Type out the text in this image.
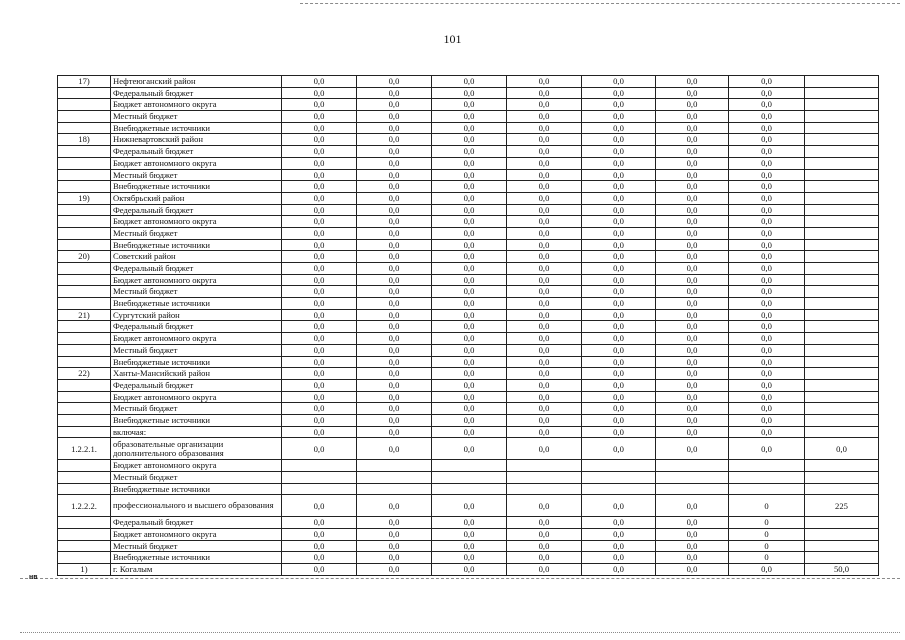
101
17)	Нефтеюганский район	0,0	0,0	0,0	0,0	0,0	0,0	0,0	
	Федеральный бюджет	0,0	0,0	0,0	0,0	0,0	0,0	0,0	
	Бюджет автономного округа	0,0	0,0	0,0	0,0	0,0	0,0	0,0	
	Местный бюджет	0,0	0,0	0,0	0,0	0,0	0,0	0,0	
	Внебюджетные источники	0,0	0,0	0,0	0,0	0,0	0,0	0,0	
18)	Нижневартовский район	0,0	0,0	0,0	0,0	0,0	0,0	0,0	
	Федеральный бюджет	0,0	0,0	0,0	0,0	0,0	0,0	0,0	
	Бюджет автономного округа	0,0	0,0	0,0	0,0	0,0	0,0	0,0	
	Местный бюджет	0,0	0,0	0,0	0,0	0,0	0,0	0,0	
	Внебюджетные источники	0,0	0,0	0,0	0,0	0,0	0,0	0,0	
19)	Октябрьский район	0,0	0,0	0,0	0,0	0,0	0,0	0,0	
	Федеральный бюджет	0,0	0,0	0,0	0,0	0,0	0,0	0,0	
	Бюджет автономного округа	0,0	0,0	0,0	0,0	0,0	0,0	0,0	
	Местный бюджет	0,0	0,0	0,0	0,0	0,0	0,0	0,0	
	Внебюджетные источники	0,0	0,0	0,0	0,0	0,0	0,0	0,0	
20)	Советский район	0,0	0,0	0,0	0,0	0,0	0,0	0,0	
	Федеральный бюджет	0,0	0,0	0,0	0,0	0,0	0,0	0,0	
	Бюджет автономного округа	0,0	0,0	0,0	0,0	0,0	0,0	0,0	
	Местный бюджет	0,0	0,0	0,0	0,0	0,0	0,0	0,0	
	Внебюджетные источники	0,0	0,0	0,0	0,0	0,0	0,0	0,0	
21)	Сургутский район	0,0	0,0	0,0	0,0	0,0	0,0	0,0	
	Федеральный бюджет	0,0	0,0	0,0	0,0	0,0	0,0	0,0	
	Бюджет автономного округа	0,0	0,0	0,0	0,0	0,0	0,0	0,0	
	Местный бюджет	0,0	0,0	0,0	0,0	0,0	0,0	0,0	
	Внебюджетные источники	0,0	0,0	0,0	0,0	0,0	0,0	0,0	
22)	Ханты-Мансийский район	0,0	0,0	0,0	0,0	0,0	0,0	0,0	
	Федеральный бюджет	0,0	0,0	0,0	0,0	0,0	0,0	0,0	
	Бюджет автономного округа	0,0	0,0	0,0	0,0	0,0	0,0	0,0	
	Местный бюджет	0,0	0,0	0,0	0,0	0,0	0,0	0,0	
	Внебюджетные источники	0,0	0,0	0,0	0,0	0,0	0,0	0,0	
	включая:	0,0	0,0	0,0	0,0	0,0	0,0	0,0	
1.2.2.1.	образовательные организации дополнительного образования	0,0	0,0	0,0	0,0	0,0	0,0	0,0	0,0
	Бюджет автономного округа								
	Местный бюджет								
	Внебюджетные источники								
1.2.2.2.	профессионального и высшего образования	0,0	0,0	0,0	0,0	0,0	0,0	0	225
	Федеральный бюджет	0,0	0,0	0,0	0,0	0,0	0,0	0	
	Бюджет автономного округа	0,0	0,0	0,0	0,0	0,0	0,0	0	
	Местный бюджет	0,0	0,0	0,0	0,0	0,0	0,0	0	
	Внебюджетные источники	0,0	0,0	0,0	0,0	0,0	0,0	0	
1)	г. Когалым	0,0	0,0	0,0	0,0	0,0	0,0	0,0	50,0
нв
